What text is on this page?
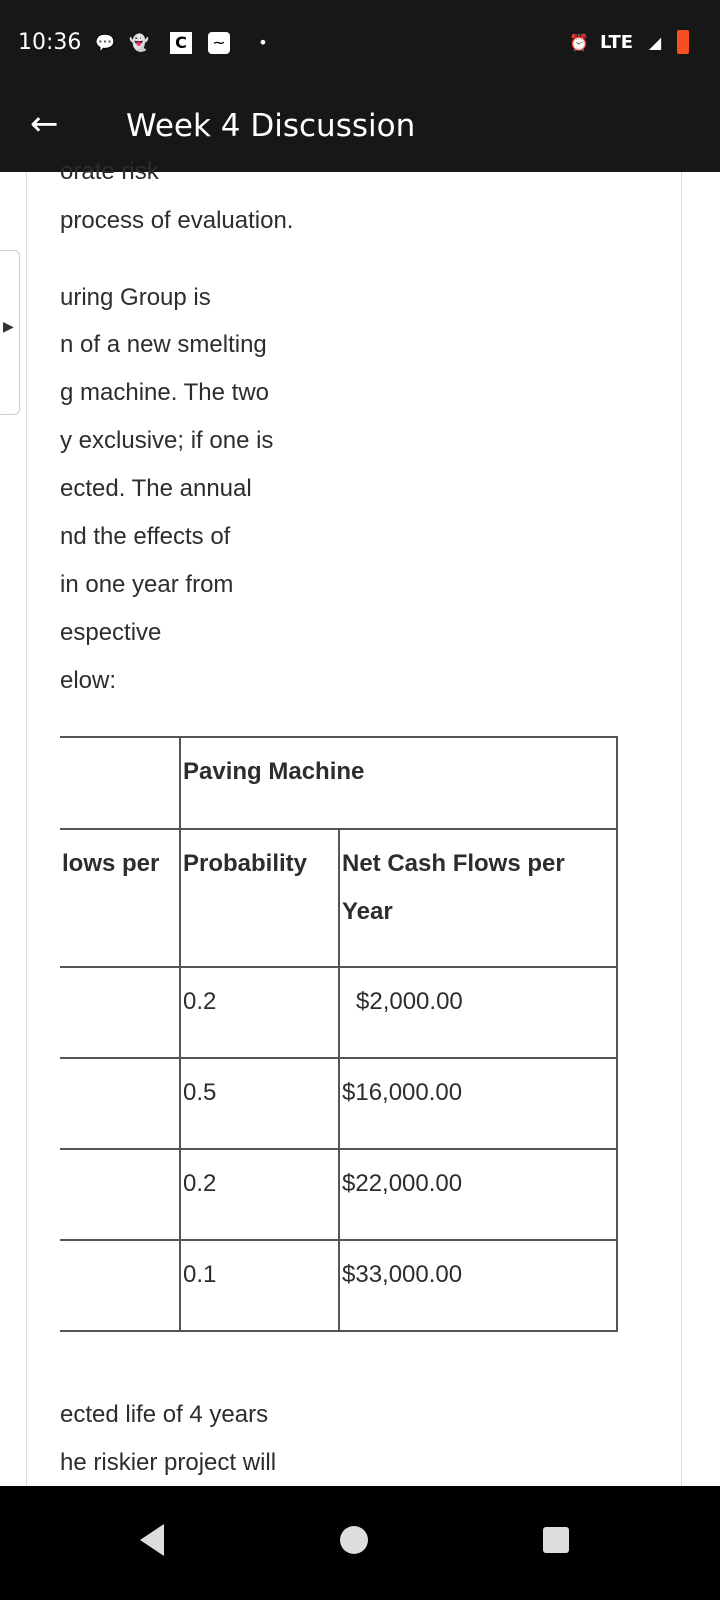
10:36 💬 👻	C	~	•	⏰ LTE ◢
← Week 4 Discussion
orate risk
process of evaluation.
uring Group is
n of a new smelting
g machine. The two
y exclusive; if one is
ected. The annual
nd the effects of
in one year from
espective
elow:
▶
	Paving Machine	
lows per	Probability	Net Cash Flows per Year
	0.2	$2,000.00
	0.5	$16,000.00
	0.2	$22,000.00
	0.1	$33,000.00
ected life of 4 years
he riskier project will
